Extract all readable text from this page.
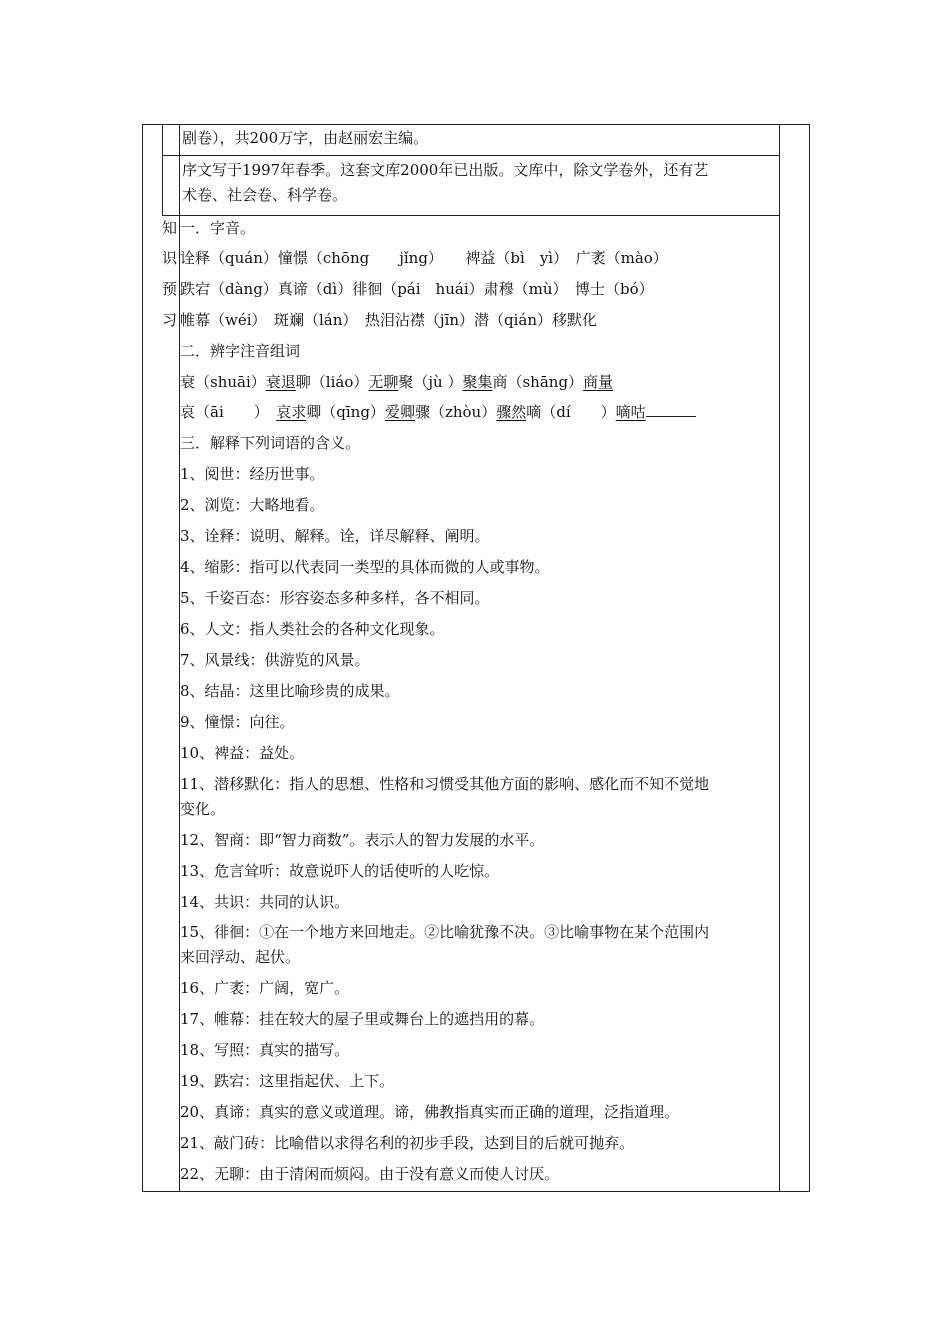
剧卷），共200万字，由赵丽宏主编。
序文写于1997年春季。这套文库2000年已出版。文库中，除文学卷外，还有艺
术卷、社会卷、科学卷。
知
识
预
习
一．字音。
诠释（quán）憧憬（chōng　　jǐng）　　裨益（bì　yì）　广袤（mào）
跌宕（dàng）真谛（dì）徘徊（pái　huái）肃穆（mù）　博士（bó）
帷幕（wéi）　斑斓（lán）　热泪沾襟（jīn）潜（qián）移默化
二．辨字注音组词
衰（shuāi）衰退聊（liáo）无聊聚（jù ）聚集商（shāng）商量
哀（āi　　）　哀求卿（qīng）爱卿骤（zhòu）骤然嘀（dí　　）嘀咕
三．解释下列词语的含义。
1、阅世：经历世事。
2、浏览：大略地看。
3、诠释：说明、解释。诠，详尽解释、阐明。
4、缩影：指可以代表同一类型的具体而微的人或事物。
5、千姿百态：形容姿态多种多样，各不相同。
6、人文：指人类社会的各种文化现象。
7、风景线：供游览的风景。
8、结晶：这里比喻珍贵的成果。
9、憧憬：向往。
10、裨益：益处。
11、潜移默化：指人的思想、性格和习惯受其他方面的影响、感化而不知不觉地
变化。
12、智商：即“智力商数”。表示人的智力发展的水平。
13、危言耸听：故意说吓人的话使听的人吃惊。
14、共识：共同的认识。
15、徘徊：①在一个地方来回地走。②比喻犹豫不决。③比喻事物在某个范围内
来回浮动、起伏。
16、广袤：广阔，宽广。
17、帷幕：挂在较大的屋子里或舞台上的遮挡用的幕。
18、写照：真实的描写。
19、跌宕：这里指起伏、上下。
20、真谛：真实的意义或道理。谛，佛教指真实而正确的道理，泛指道理。
21、敲门砖：比喻借以求得名利的初步手段，达到目的后就可抛弃。
22、无聊：由于清闲而烦闷。由于没有意义而使人讨厌。
